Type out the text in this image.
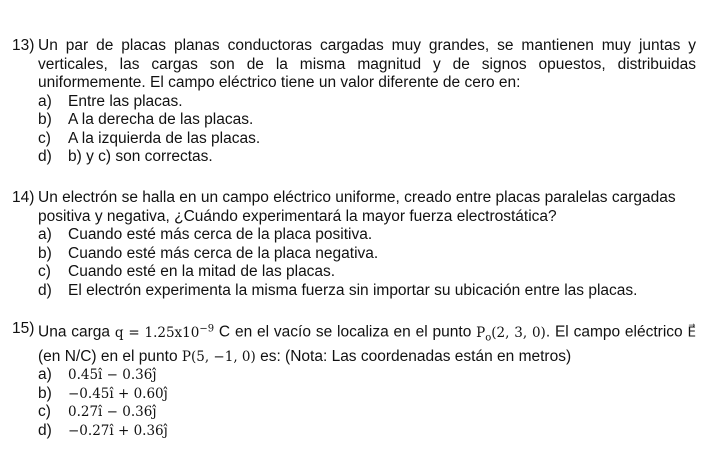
13) Un par de placas planas conductoras cargadas muy grandes, se mantienen muy juntas y verticales, las cargas son de la misma magnitud y de signos opuestos, distribuidas uniformemente. El campo eléctrico tiene un valor diferente de cero en:
a) Entre las placas.
b) A la derecha de las placas.
c) A la izquierda de las placas.
d) b) y c) son correctas.
14) Un electrón se halla en un campo eléctrico uniforme, creado entre placas paralelas cargadas positiva y negativa, ¿Cuándo experimentará la mayor fuerza electrostática?
a) Cuando esté más cerca de la placa positiva.
b) Cuando esté más cerca de la placa negativa.
c) Cuando esté en la mitad de las placas.
d) El electrón experimenta la misma fuerza sin importar su ubicación entre las placas.
15) Una carga $q = 1.25x10^{-9}$ C en el vacío se localiza en el punto $P_o(2$, 3, 0). El campo eléctrico E⃗ (en N/C) en el punto P(5, −1, 0) es: (Nota: Las coordenadas están en metros)
a) 0.45î − 0.36ĵ
b) −0.45î + 0.60ĵ
c) 0.27î − 0.36ĵ
d) −0.27î + 0.36ĵ
